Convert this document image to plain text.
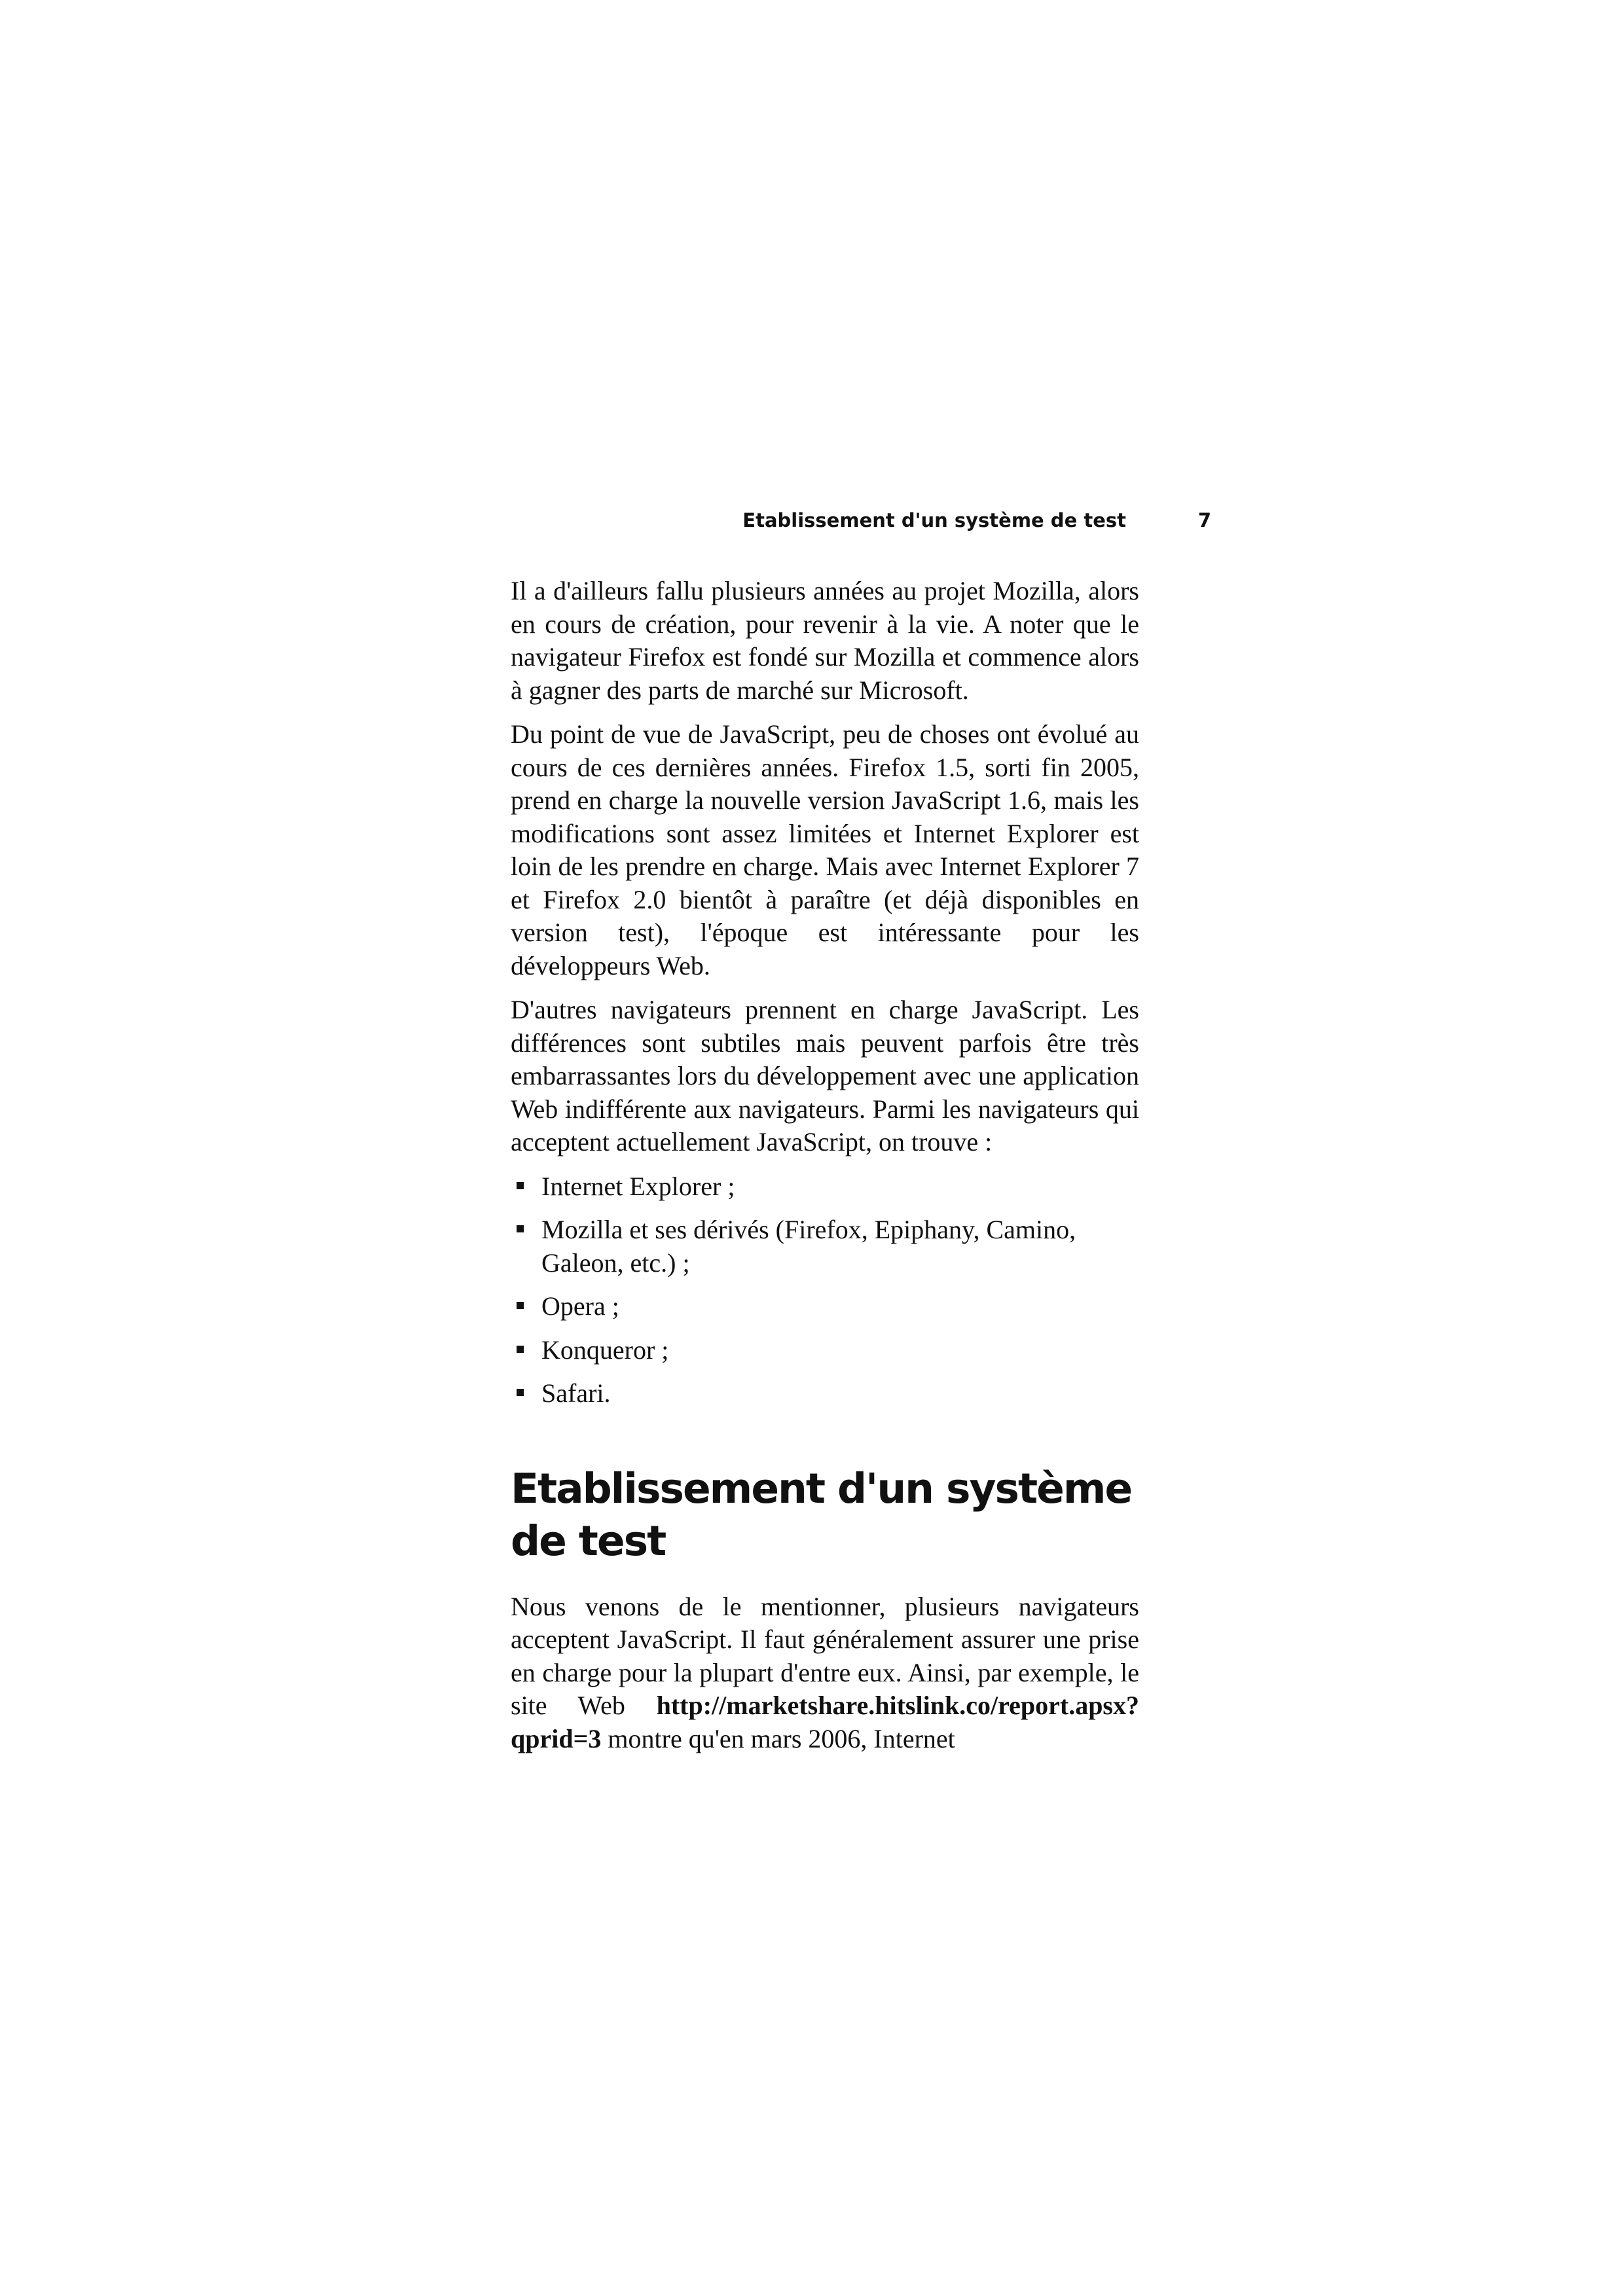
Etablissement d'un système de test	7

Il a d'ailleurs fallu plusieurs années au projet Mozilla, alors en cours de création, pour revenir à la vie. A noter que le navigateur Firefox est fondé sur Mozilla et commence alors à gagner des parts de marché sur Microsoft.

Du point de vue de JavaScript, peu de choses ont évolué au cours de ces dernières années. Firefox 1.5, sorti fin 2005, prend en charge la nouvelle version JavaScript 1.6, mais les modifications sont assez limitées et Internet Explorer est loin de les prendre en charge. Mais avec Internet Explorer 7 et Firefox 2.0 bientôt à paraître (et déjà disponibles en version test), l'époque est intéressante pour les développeurs Web.

D'autres navigateurs prennent en charge JavaScript. Les différences sont subtiles mais peuvent parfois être très embarrassantes lors du développement avec une application Web indifférente aux navigateurs. Parmi les navigateurs qui acceptent actuellement JavaScript, on trouve :

Internet Explorer ;
Mozilla et ses dérivés (Firefox, Epiphany, Camino, Galeon, etc.) ;
Opera ;
Konqueror ;
Safari.
Etablissement d'un système de test

Nous venons de le mentionner, plusieurs navigateurs acceptent JavaScript. Il faut généralement assurer une prise en charge pour la plupart d'entre eux. Ainsi, par exemple, le site Web http://marketshare.hitslink.co/report.apsx?qprid=3 montre qu'en mars 2006, Internet
